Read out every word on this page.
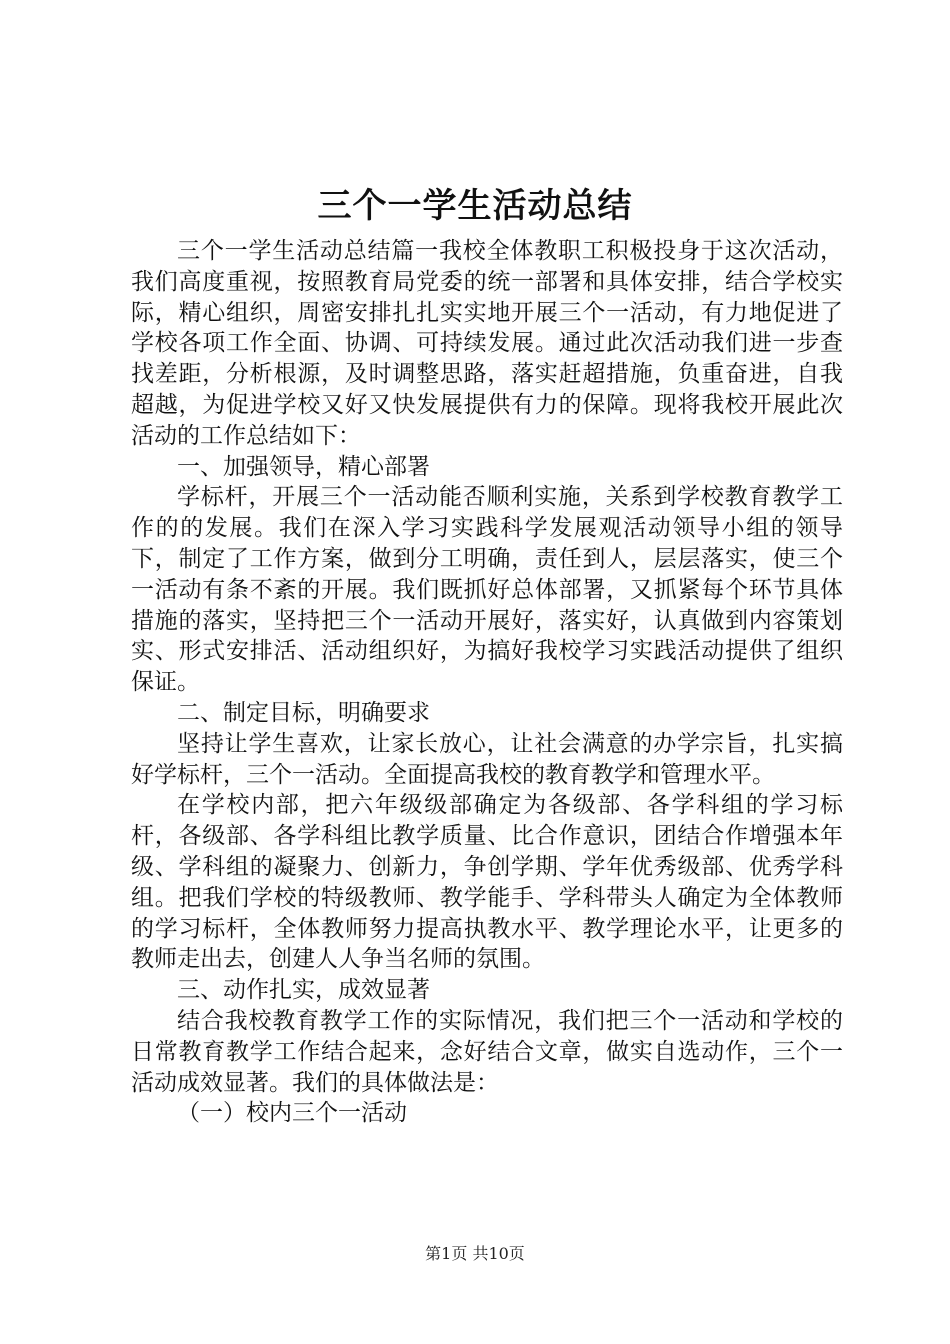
三个一学生活动总结

三个一学生活动总结篇一我校全体教职工积极投身于这次活动，我们高度重视，按照教育局党委的统一部署和具体安排，结合学校实际，精心组织，周密安排扎扎实实地开展三个一活动，有力地促进了学校各项工作全面、协调、可持续发展。通过此次活动我们进一步查找差距，分析根源，及时调整思路，落实赶超措施，负重奋进，自我超越，为促进学校又好又快发展提供有力的保障。现将我校开展此次活动的工作总结如下：

一、加强领导，精心部署

学标杆，开展三个一活动能否顺利实施，关系到学校教育教学工作的的发展。我们在深入学习实践科学发展观活动领导小组的领导下，制定了工作方案，做到分工明确，责任到人，层层落实，使三个一活动有条不紊的开展。我们既抓好总体部署，又抓紧每个环节具体措施的落实，坚持把三个一活动开展好，落实好，认真做到内容策划实、形式安排活、活动组织好，为搞好我校学习实践活动提供了组织保证。

二、制定目标，明确要求

坚持让学生喜欢，让家长放心，让社会满意的办学宗旨，扎实搞好学标杆，三个一活动。全面提高我校的教育教学和管理水平。

在学校内部，把六年级级部确定为各级部、各学科组的学习标杆，各级部、各学科组比教学质量、比合作意识，团结合作增强本年级、学科组的凝聚力、创新力，争创学期、学年优秀级部、优秀学科组。把我们学校的特级教师、教学能手、学科带头人确定为全体教师的学习标杆，全体教师努力提高执教水平、教学理论水平，让更多的教师走出去，创建人人争当名师的氛围。

三、动作扎实，成效显著

结合我校教育教学工作的实际情况，我们把三个一活动和学校的日常教育教学工作结合起来，念好结合文章，做实自选动作，三个一活动成效显著。我们的具体做法是：

（一）校内三个一活动

第1页 共10页
